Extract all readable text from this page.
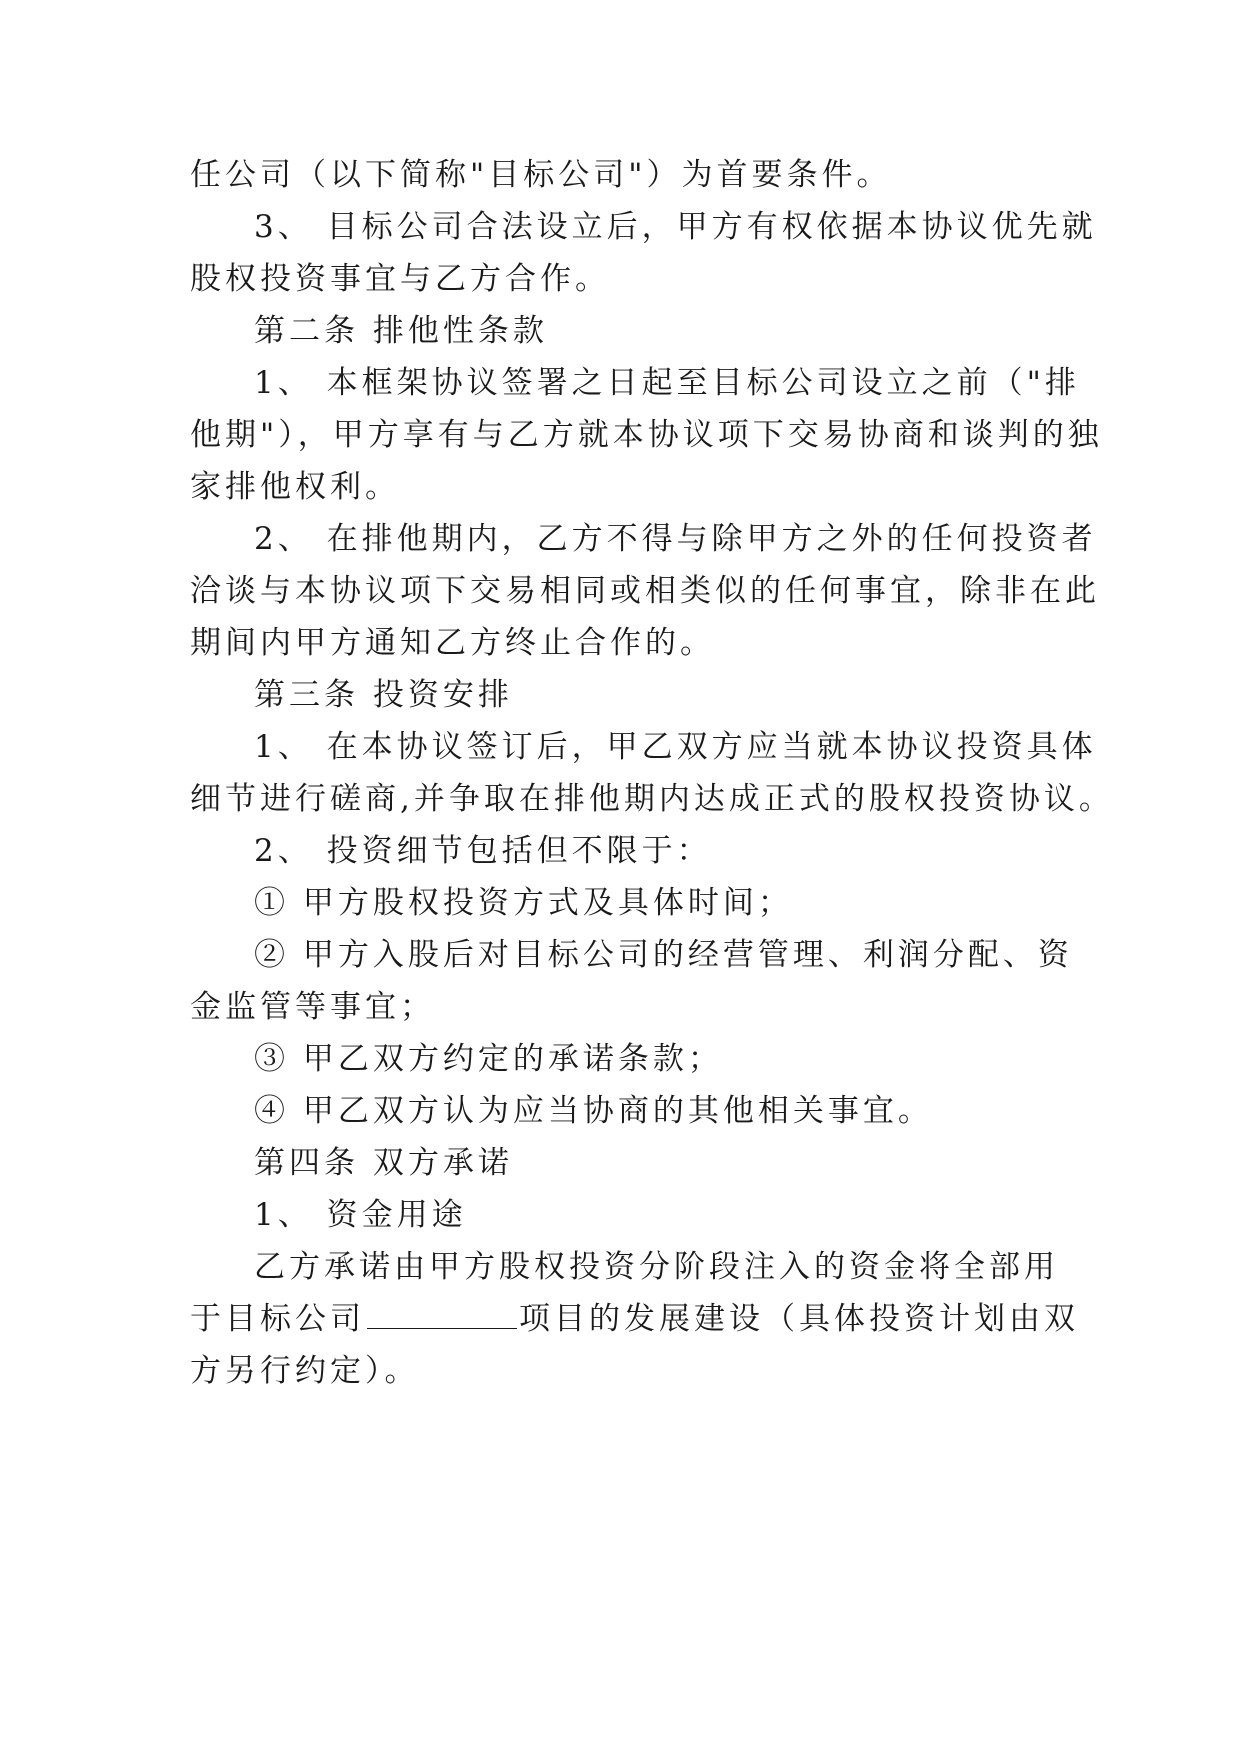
任公司（以下简称"目标公司"）为首要条件。
3、 目标公司合法设立后，甲方有权依据本协议优先就
股权投资事宜与乙方合作。
第二条 排他性条款
1、 本框架协议签署之日起至目标公司设立之前（"排
他期"），甲方享有与乙方就本协议项下交易协商和谈判的独
家排他权利。
2、 在排他期内，乙方不得与除甲方之外的任何投资者
洽谈与本协议项下交易相同或相类似的任何事宜，除非在此
期间内甲方通知乙方终止合作的。
第三条 投资安排
1、 在本协议签订后，甲乙双方应当就本协议投资具体
细节进行磋商,并争取在排他期内达成正式的股权投资协议。
2、 投资细节包括但不限于：
① 甲方股权投资方式及具体时间；
② 甲方入股后对目标公司的经营管理、利润分配、资
金监管等事宜；
③ 甲乙双方约定的承诺条款；
④ 甲乙双方认为应当协商的其他相关事宜。
第四条 双方承诺
1、 资金用途
乙方承诺由甲方股权投资分阶段注入的资金将全部用
于目标公司	项目的发展建设（具体投资计划由双
方另行约定）。
